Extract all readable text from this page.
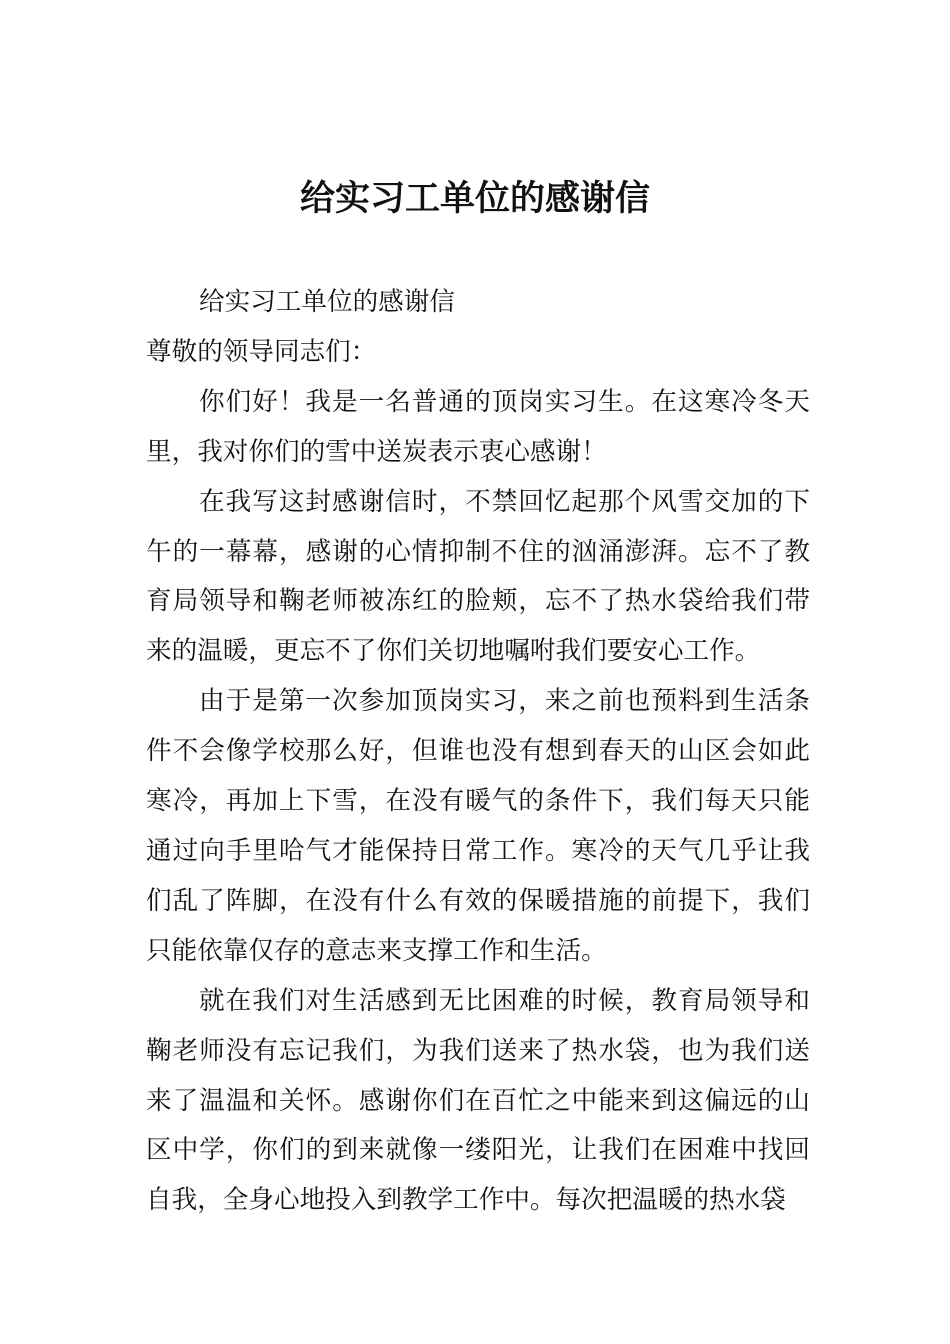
给实习工单位的感谢信

给实习工单位的感谢信

尊敬的领导同志们：

你们好！我是一名普通的顶岗实习生。在这寒冷冬天里，我对你们的雪中送炭表示衷心感谢！

在我写这封感谢信时，不禁回忆起那个风雪交加的下午的一幕幕，感谢的心情抑制不住的汹涌澎湃。忘不了教育局领导和鞠老师被冻红的脸颊，忘不了热水袋给我们带来的温暖，更忘不了你们关切地嘱咐我们要安心工作。

由于是第一次参加顶岗实习，来之前也预料到生活条件不会像学校那么好，但谁也没有想到春天的山区会如此寒冷，再加上下雪，在没有暖气的条件下，我们每天只能通过向手里哈气才能保持日常工作。寒冷的天气几乎让我们乱了阵脚，在没有什么有效的保暖措施的前提下，我们只能依靠仅存的意志来支撑工作和生活。

就在我们对生活感到无比困难的时候，教育局领导和鞠老师没有忘记我们，为我们送来了热水袋，也为我们送来了温温和关怀。感谢你们在百忙之中能来到这偏远的山区中学，你们的到来就像一缕阳光，让我们在困难中找回自我，全身心地投入到教学工作中。每次把温暖的热水袋
